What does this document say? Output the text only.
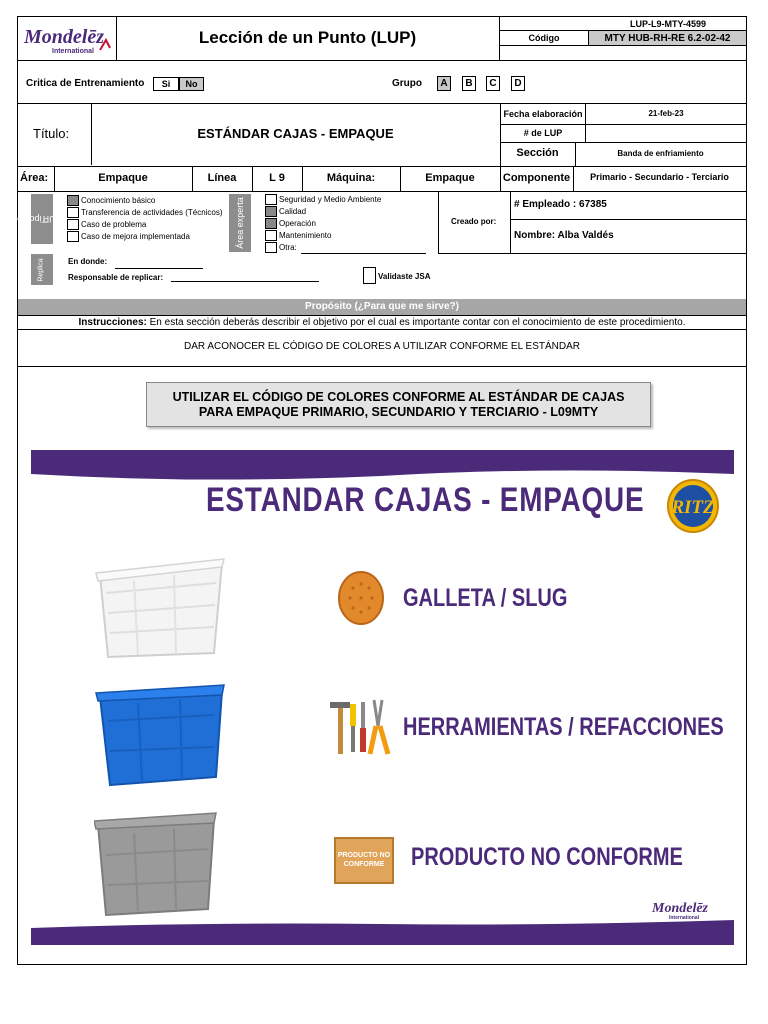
Mondelēz
International
Lección de un Punto (LUP)
LUP-L9-MTY-4599
Código	MTY HUB-RH-RE 6.2-02-42
Critica de Entrenamiento	Si	No	Grupo	A	B	C	D
Título:	ESTÁNDAR CAJAS - EMPAQUE
Fecha elaboración	21-feb-23
# de LUP
Sección	Banda de enfriamiento
Área:	Empaque	Línea	L 9	Máquina:	Empaque	Componente	Primario - Secundario - Terciario
Tipo de

LUP
Conocimiento básico
Transferencia de actividades (Técnicos)
Caso de problema
Caso de mejora implementada	Área experta	Seguridad y Medio Ambiente
Calidad
Operación
Mantenimiento
Otra:
Creado por:
# Empleado : 67385
Nombre: Alba Valdés
Replica	En donde:
Responsable de replicar:	Validaste JSA
Propósito (¿Para que me sirve?)
Instrucciones: En esta sección deberás describir el objetivo por el cual es importante contar con el conocimiento de este procedimiento.
DAR ACONOCER EL CÓDIGO DE COLORES A UTILIZAR CONFORME EL ESTÁNDAR
UTILIZAR EL CÓDIGO DE COLORES CONFORME AL ESTÁNDAR DE CAJAS
PARA EMPAQUE PRIMARIO, SECUNDARIO Y TERCIARIO - L09MTY
ESTANDAR CAJAS - EMPAQUE RITZ
GALLETA / SLUG
HERRAMIENTAS / REFACCIONES
PRODUCTO NO CONFORME	PRODUCTO NO CONFORME
Mondelēz
International
SNACKING MADE RIGHT
